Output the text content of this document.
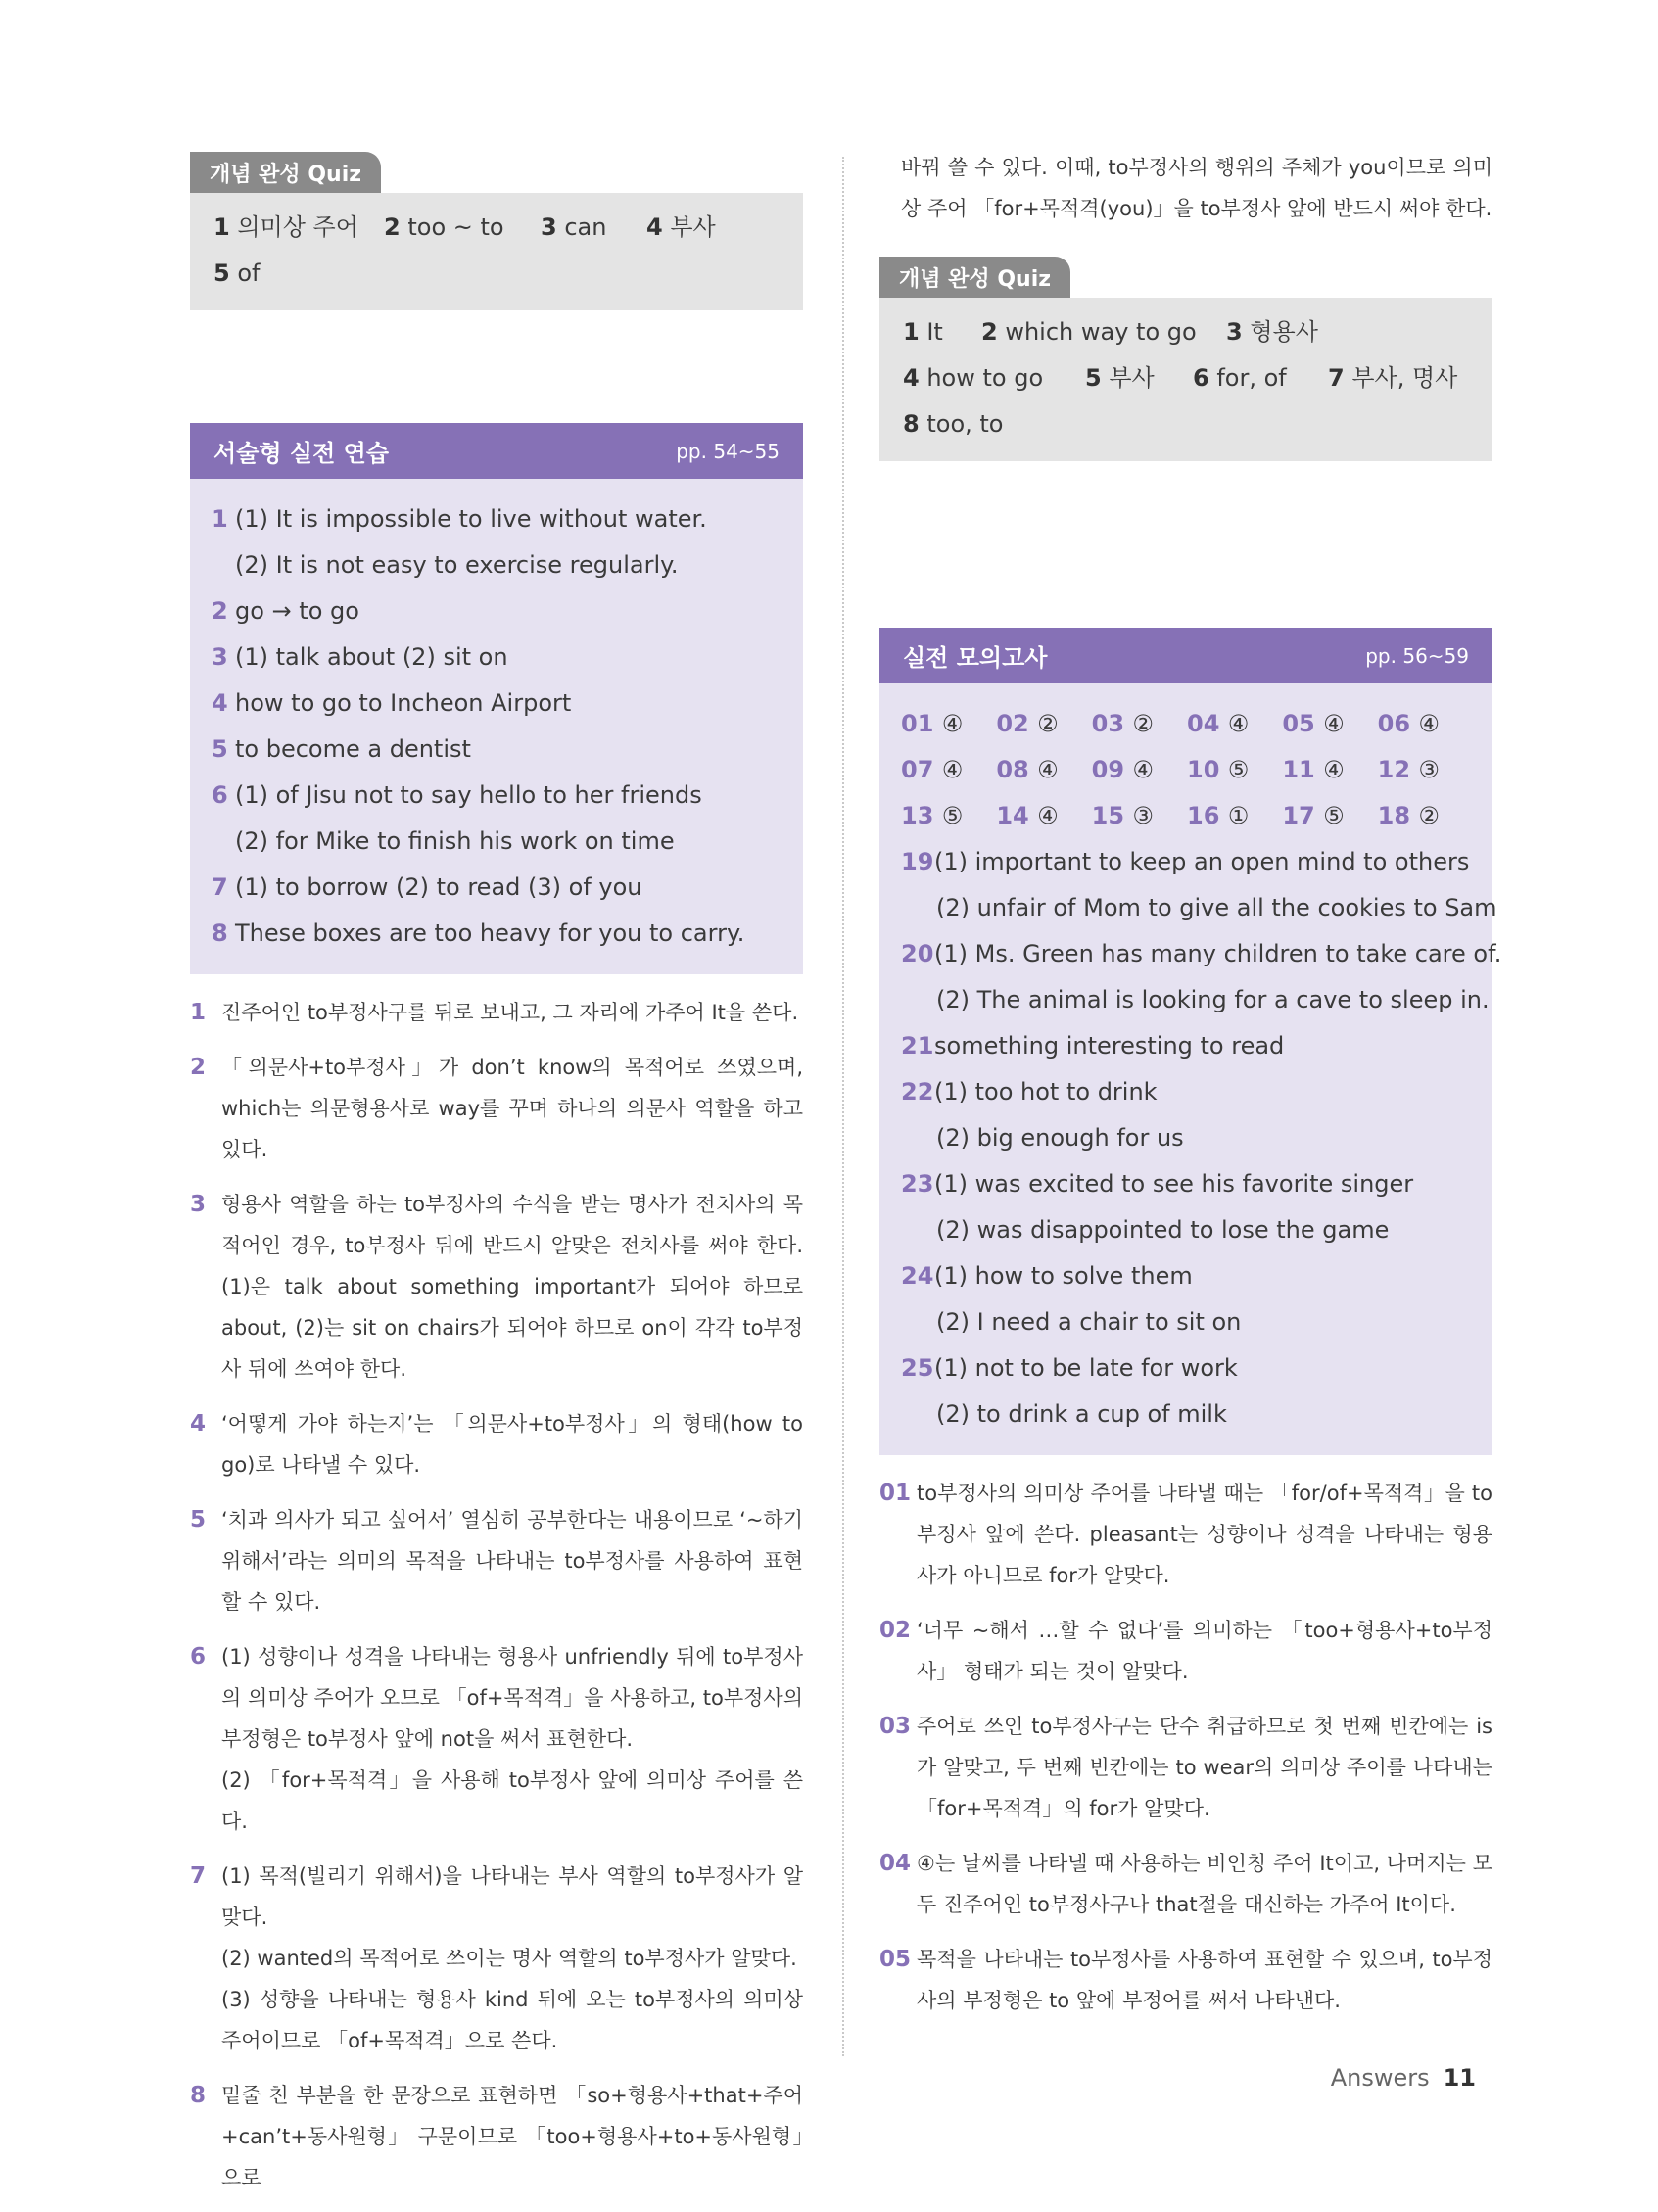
개념 완성 Quiz
1 의미상 주어	2 too ~ to	3 can	4 부사
5 of
서술형 실전 연습	pp. 54~55
1 (1) It is impossible to live without water.
(2) It is not easy to exercise regularly.
2 go → to go
3 (1) talk about (2) sit on
4 how to go to Incheon Airport
5 to become a dentist
6 (1) of Jisu not to say hello to her friends
(2) for Mike to finish his work on time
7 (1) to borrow (2) to read (3) of you
8 These boxes are too heavy for you to carry.
1 진주어인 to부정사구를 뒤로 보내고, 그 자리에 가주어 It을 쓴다.
2 「의문사+to부정사」가 don’t know의 목적어로 쓰였으며, which는 의문형용사로 way를 꾸며 하나의 의문사 역할을 하고 있다.
3 형용사 역할을 하는 to부정사의 수식을 받는 명사가 전치사의 목적어인 경우, to부정사 뒤에 반드시 알맞은 전치사를 써야 한다. (1)은 talk about something important가 되어야 하므로 about, (2)는 sit on chairs가 되어야 하므로 on이 각각 to부정사 뒤에 쓰여야 한다.
4 ‘어떻게 가야 하는지’는 「의문사+to부정사」의 형태(how to go)로 나타낼 수 있다.
5 ‘치과 의사가 되고 싶어서’ 열심히 공부한다는 내용이므로 ‘~하기 위해서’라는 의미의 목적을 나타내는 to부정사를 사용하여 표현할 수 있다.
6 (1) 성향이나 성격을 나타내는 형용사 unfriendly 뒤에 to부정사의 의미상 주어가 오므로 「of+목적격」을 사용하고, to부정사의 부정형은 to부정사 앞에 not을 써서 표현한다.
(2) 「for+목적격」을 사용해 to부정사 앞에 의미상 주어를 쓴다.
7 (1) 목적(빌리기 위해서)을 나타내는 부사 역할의 to부정사가 알맞다.
(2) wanted의 목적어로 쓰이는 명사 역할의 to부정사가 알맞다.
(3) 성향을 나타내는 형용사 kind 뒤에 오는 to부정사의 의미상 주어이므로 「of+목적격」으로 쓴다.
8 밑줄 친 부분을 한 문장으로 표현하면 「so+형용사+that+주어+can’t+동사원형」 구문이므로 「too+형용사+to+동사원형」으로

바꿔 쓸 수 있다. 이때, to부정사의 행위의 주체가 you이므로 의미상 주어 「for+목적격(you)」을 to부정사 앞에 반드시 써야 한다.

개념 완성 Quiz
1 It	2 which way to go	3 형용사
4 how to go	5 부사	6 for, of	7 부사, 명사
8 too, to
실전 모의고사	pp. 56~59
01 ④	02 ②	03 ②	04 ④	05 ④	06 ④
07 ④	08 ④	09 ④	10 ⑤	11 ④	12 ③
13 ⑤	14 ④	15 ③	16 ①	17 ⑤	18 ②
19(1) important to keep an open mind to others
(2) unfair of Mom to give all the cookies to Sam
20(1) Ms. Green has many children to take care of.
(2) The animal is looking for a cave to sleep in.
21something interesting to read
22(1) too hot to drink
(2) big enough for us
23(1) was excited to see his favorite singer
(2) was disappointed to lose the game
24(1) how to solve them
(2) I need a chair to sit on
25(1) not to be late for work
(2) to drink a cup of milk
01 to부정사의 의미상 주어를 나타낼 때는 「for/of+목적격」을 to부정사 앞에 쓴다. pleasant는 성향이나 성격을 나타내는 형용사가 아니므로 for가 알맞다.
02 ‘너무 ~해서 …할 수 없다’를 의미하는 「too+형용사+to부정사」 형태가 되는 것이 알맞다.
03 주어로 쓰인 to부정사구는 단수 취급하므로 첫 번째 빈칸에는 is가 알맞고, 두 번째 빈칸에는 to wear의 의미상 주어를 나타내는 「for+목적격」의 for가 알맞다.
04 ④는 날씨를 나타낼 때 사용하는 비인칭 주어 It이고, 나머지는 모두 진주어인 to부정사구나 that절을 대신하는 가주어 It이다.
05 목적을 나타내는 to부정사를 사용하여 표현할 수 있으며, to부정사의 부정형은 to 앞에 부정어를 써서 나타낸다.
Answers 11
